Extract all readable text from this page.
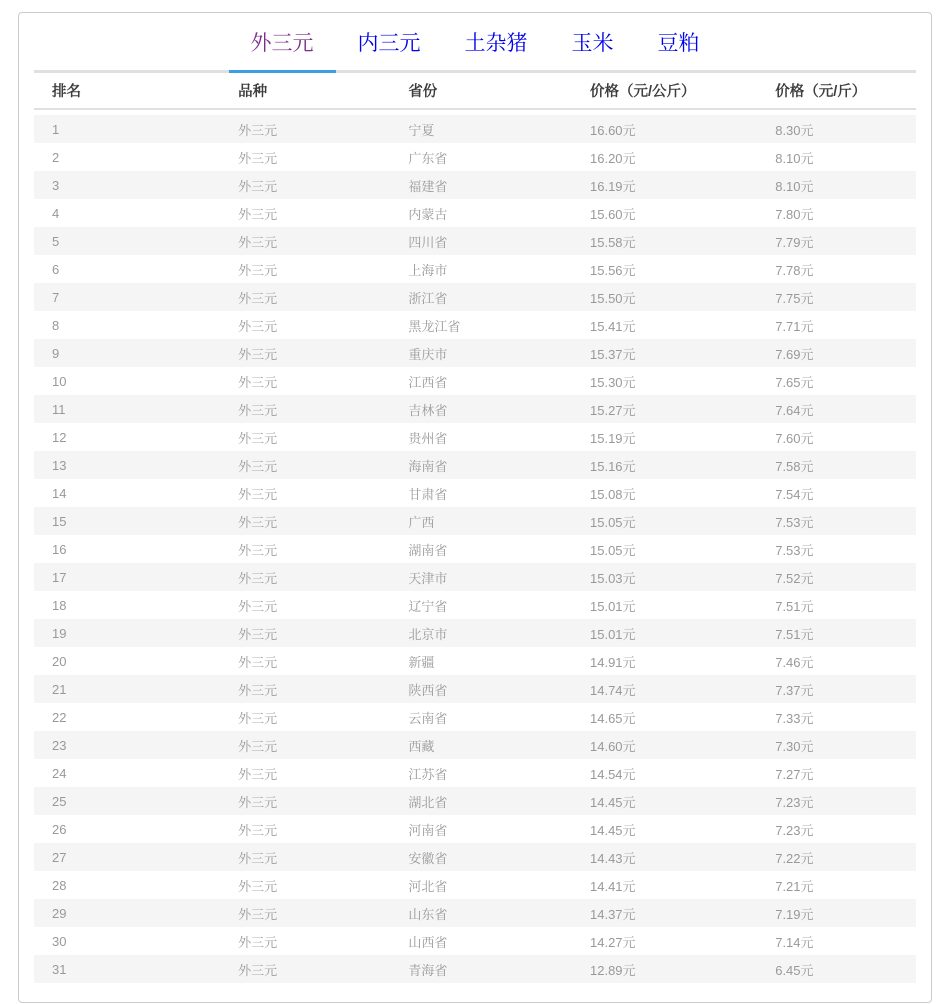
外三元	内三元	土杂猪	玉米	豆粕
排名	品种	省份	价格（元/公斤）	价格（元/斤）
1	外三元	宁夏	16.60元	8.30元
2	外三元	广东省	16.20元	8.10元
3	外三元	福建省	16.19元	8.10元
4	外三元	内蒙古	15.60元	7.80元
5	外三元	四川省	15.58元	7.79元
6	外三元	上海市	15.56元	7.78元
7	外三元	浙江省	15.50元	7.75元
8	外三元	黑龙江省	15.41元	7.71元
9	外三元	重庆市	15.37元	7.69元
10	外三元	江西省	15.30元	7.65元
11	外三元	吉林省	15.27元	7.64元
12	外三元	贵州省	15.19元	7.60元
13	外三元	海南省	15.16元	7.58元
14	外三元	甘肃省	15.08元	7.54元
15	外三元	广西	15.05元	7.53元
16	外三元	湖南省	15.05元	7.53元
17	外三元	天津市	15.03元	7.52元
18	外三元	辽宁省	15.01元	7.51元
19	外三元	北京市	15.01元	7.51元
20	外三元	新疆	14.91元	7.46元
21	外三元	陕西省	14.74元	7.37元
22	外三元	云南省	14.65元	7.33元
23	外三元	西藏	14.60元	7.30元
24	外三元	江苏省	14.54元	7.27元
25	外三元	湖北省	14.45元	7.23元
26	外三元	河南省	14.45元	7.23元
27	外三元	安徽省	14.43元	7.22元
28	外三元	河北省	14.41元	7.21元
29	外三元	山东省	14.37元	7.19元
30	外三元	山西省	14.27元	7.14元
31	外三元	青海省	12.89元	6.45元
